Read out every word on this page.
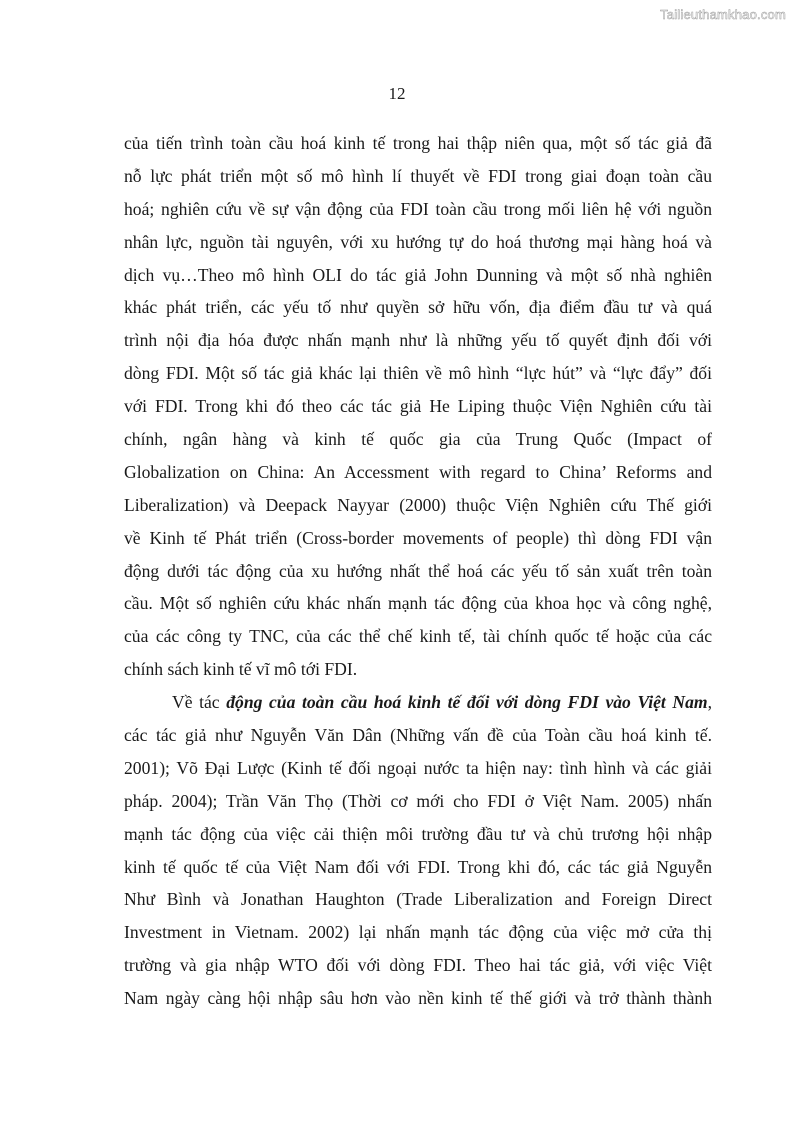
Tailieuthamkhao.com
12
của tiến trình toàn cầu hoá kinh tế trong hai thập niên qua, một số tác giả đã
nỗ lực phát triển một số mô hình lí thuyết về FDI trong giai đoạn toàn cầu
hoá; nghiên cứu về sự vận động của FDI toàn cầu trong mối liên hệ với nguồn
nhân lực, nguồn tài nguyên, với xu hướng tự do hoá thương mại hàng hoá và
dịch vụ…Theo mô hình OLI do tác giả John Dunning và một số nhà nghiên
khác phát triển, các yếu tố như quyền sở hữu vốn, địa điểm đầu tư và quá
trình nội địa hóa được nhấn mạnh như là những yếu tố quyết định đối với
dòng FDI. Một số tác giả khác lại thiên về mô hình “lực hút” và “lực đẩy” đối
với FDI. Trong khi đó theo các tác giả He Liping thuộc Viện Nghiên cứu tài
chính, ngân hàng và kinh tế quốc gia của Trung Quốc (Impact of
Globalization on China: An Accessment with regard to China’ Reforms and
Liberalization) và Deepack Nayyar (2000) thuộc Viện Nghiên cứu Thế giới
về Kinh tế Phát triển (Cross-border movements of people) thì dòng FDI vận
động dưới tác động của xu hướng nhất thể hoá các yếu tố sản xuất trên toàn
cầu. Một số nghiên cứu khác nhấn mạnh tác động của khoa học và công nghệ,
của các công ty TNC, của các thể chế kinh tế, tài chính quốc tế hoặc của các
chính sách kinh tế vĩ mô tới FDI.
Về tác động của toàn cầu hoá kinh tế đối với dòng FDI vào Việt Nam,
các tác giả như Nguyễn Văn Dân (Những vấn đề của Toàn cầu hoá kinh tế.
2001); Võ Đại Lược (Kinh tế đối ngoại nước ta hiện nay: tình hình và các giải
pháp. 2004); Trần Văn Thọ (Thời cơ mới cho FDI ở Việt Nam. 2005) nhấn
mạnh tác động của việc cải thiện môi trường đầu tư và chủ trương hội nhập
kinh tế quốc tế của Việt Nam đối với FDI. Trong khi đó, các tác giả Nguyễn
Như Bình và Jonathan Haughton (Trade Liberalization and Foreign Direct
Investment in Vietnam. 2002) lại nhấn mạnh tác động của việc mở cửa thị
trường và gia nhập WTO đối với dòng FDI. Theo hai tác giả, với việc Việt
Nam ngày càng hội nhập sâu hơn vào nền kinh tế thế giới và trở thành thành
